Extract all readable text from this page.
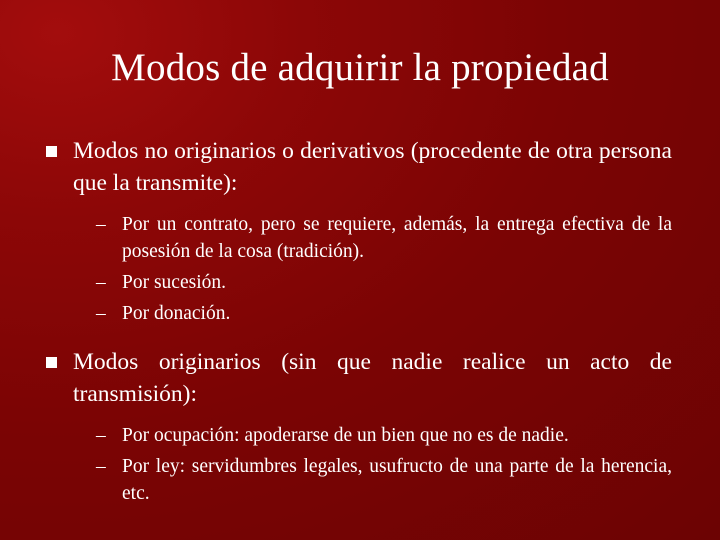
Modos de adquirir la propiedad
Modos no originarios o derivativos (procedente de otra persona que la transmite):
– Por un contrato, pero se requiere, además, la entrega efectiva de la posesión de la cosa (tradición).
– Por sucesión.
– Por donación.
Modos originarios (sin que nadie realice un acto de transmisión):
– Por ocupación: apoderarse de un bien que no es de nadie.
– Por ley: servidumbres legales, usufructo de una parte de la herencia, etc.
